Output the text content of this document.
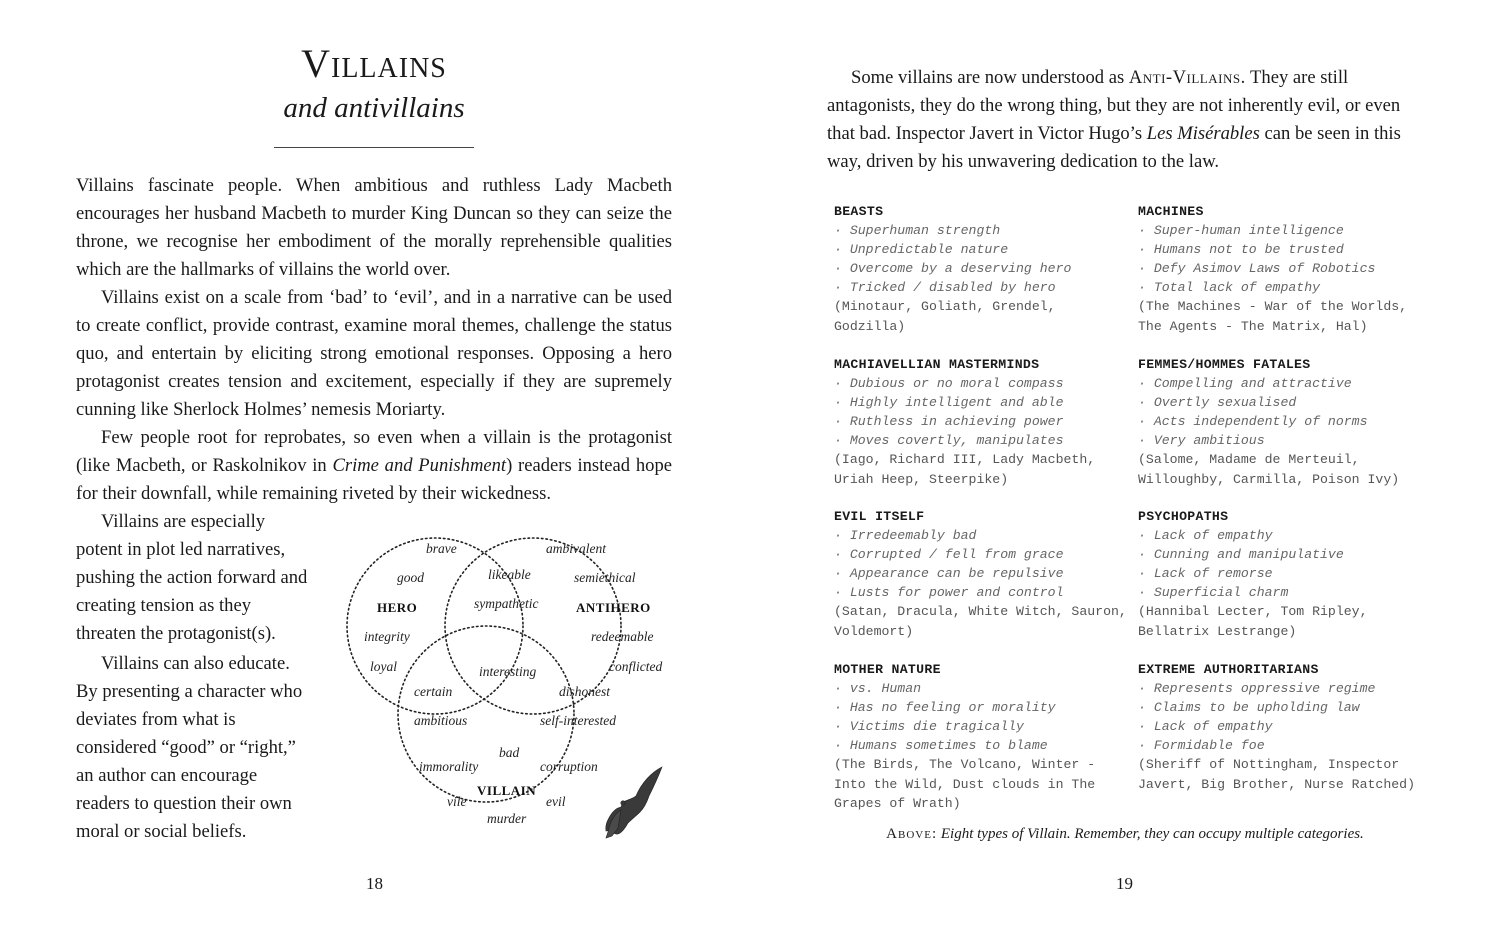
Villains
and antivillains

Villains fascinate people. When ambitious and ruthless Lady Macbeth encourages her husband Macbeth to murder King Duncan so they can seize the throne, we recognise her embodiment of the morally reprehensible qualities which are the hallmarks of villains the world over.

Villains exist on a scale from ‘bad’ to ‘evil’, and in a narrative can be used to create conflict, provide contrast, examine moral themes, challenge the status quo, and entertain by eliciting strong emotional responses. Opposing a hero protagonist creates tension and excitement, especially if they are supremely cunning like Sherlock Holmes’ nemesis Moriarty.

Few people root for reprobates, so even when a villain is the protagonist (like Macbeth, or Raskolnikov in Crime and Punishment) readers instead hope for their downfall, while remaining riveted by their wickedness.

Villains are especially potent in plot led narratives, pushing the action forward and creating tension as they threaten the protagonist(s).

Villains can also educate. By presenting a character who deviates from what is considered “good” or “right,” an author can encourage readers to question their own moral or social beliefs.

brave
good
HERO
integrity
loyal
likeable
sympathetic
ambivalent
semiethical
ANTIHERO
redeemable
conflicted
interesting
certain
ambitious
dishonest
self-interested
bad
immorality	corruption
VILLAIN
vile	evil
murder
18

Some villains are now understood as Anti-Villains. They are still antagonists, they do the wrong thing, but they are not inherently evil, or even that bad. Inspector Javert in Victor Hugo’s Les Misérables can be seen in this way, driven by his unwavering dedication to the law.

BEASTS
· Superhuman strength
· Unpredictable nature
· Overcome by a deserving hero
· Tricked / disabled by hero
(Minotaur, Goliath, Grendel, Godzilla)
MACHINES
· Super-human intelligence
· Humans not to be trusted
· Defy Asimov Laws of Robotics
· Total lack of empathy
(The Machines - War of the Worlds, The Agents - The Matrix, Hal)
MACHIAVELLIAN MASTERMINDS
· Dubious or no moral compass
· Highly intelligent and able
· Ruthless in achieving power
· Moves covertly, manipulates
(Iago, Richard III, Lady Macbeth, Uriah Heep, Steerpike)
FEMMES/HOMMES FATALES
· Compelling and attractive
· Overtly sexualised
· Acts independently of norms
· Very ambitious
(Salome, Madame de Merteuil, Willoughby, Carmilla, Poison Ivy)
EVIL ITSELF
· Irredeemably bad
· Corrupted / fell from grace
· Appearance can be repulsive
· Lusts for power and control
(Satan, Dracula, White Witch, Sauron, Voldemort)
PSYCHOPATHS
· Lack of empathy
· Cunning and manipulative
· Lack of remorse
· Superficial charm
(Hannibal Lecter, Tom Ripley, Bellatrix Lestrange)
MOTHER NATURE
· vs. Human
· Has no feeling or morality
· Victims die tragically
· Humans sometimes to blame
(The Birds, The Volcano, Winter - Into the Wild, Dust clouds in The Grapes of Wrath)
EXTREME AUTHORITARIANS
· Represents oppressive regime
· Claims to be upholding law
· Lack of empathy
· Formidable foe
(Sheriff of Nottingham, Inspector Javert, Big Brother, Nurse Ratched)
Above: Eight types of Villain. Remember, they can occupy multiple categories.
19
